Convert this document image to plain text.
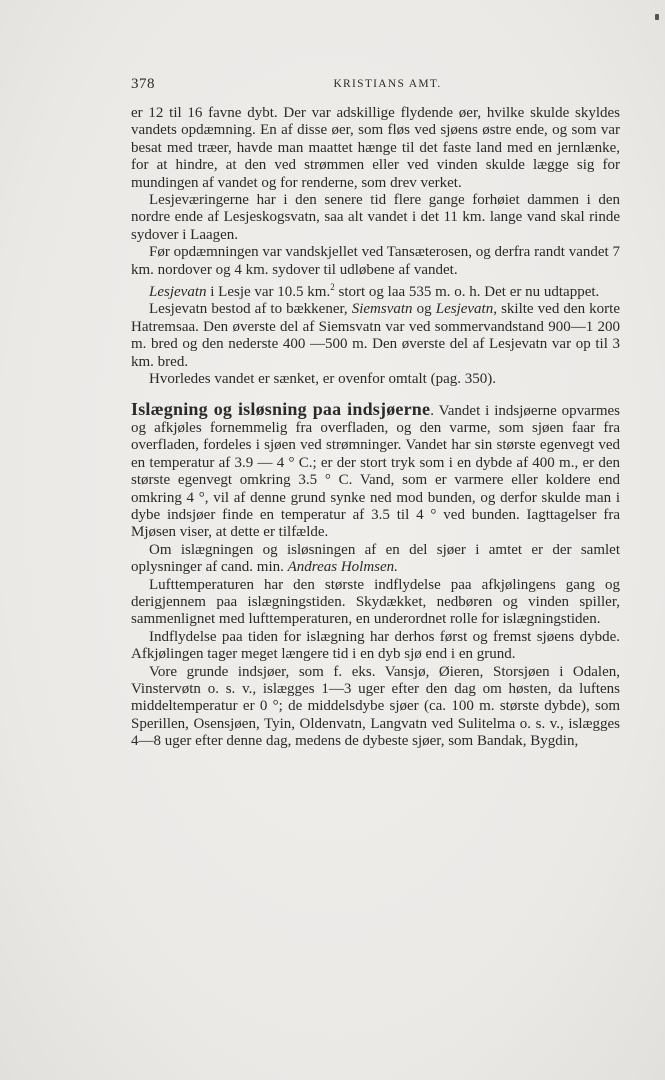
378	KRISTIANS AMT.

er 12 til 16 favne dybt. Der var adskillige flydende øer, hvilke skulde skyldes vandets opdæmning. En af disse øer, som fløs ved sjøens østre ende, og som var besat med træer, havde man maattet hænge til det faste land med en jernlænke, for at hindre, at den ved strømmen eller ved vinden skulde lægge sig for mundingen af vandet og for renderne, som drev verket.

Lesjeværingerne har i den senere tid flere gange forhøiet dammen i den nordre ende af Lesjeskogsvatn, saa alt vandet i det 11 km. lange vand skal rinde sydover i Laagen.

Før opdæmningen var vandskjellet ved Tansæterosen, og derfra randt vandet 7 km. nordover og 4 km. sydover til udløbene af vandet.

Lesjevatn i Lesje var 10.5 km.$^2$ stort og laa 535 m. o. h. Det er nu udtappet.

Lesjevatn bestod af to bækkener, Siemsvatn og Lesjevatn, skilte ved den korte Hatremsaa. Den øverste del af Siemsvatn var ved sommervandstand 900—1 200 m. bred og den nederste 400 —500 m. Den øverste del af Lesjevatn var op til 3 km. bred.

Hvorledes vandet er sænket, er ovenfor omtalt (pag. 350).

Islægning og isløsning paa indsjøerne. Vandet i indsjøerne opvarmes og afkjøles fornemmelig fra overfladen, og den varme, som sjøen faar fra overfladen, fordeles i sjøen ved strømninger. Vandet har sin største egenvegt ved en temperatur af 3.9 — 4 ° C.; er der stort tryk som i en dybde af 400 m., er den største egenvegt omkring 3.5 ° C. Vand, som er varmere eller koldere end omkring 4 °, vil af denne grund synke ned mod bunden, og derfor skulde man i dybe indsjøer finde en temperatur af 3.5 til 4 ° ved bunden. Iagttagelser fra Mjøsen viser, at dette er tilfælde.

Om islægningen og isløsningen af en del sjøer i amtet er der samlet oplysninger af cand. min. Andreas Holmsen.

Lufttemperaturen har den største indflydelse paa afkjølingens gang og derigjennem paa islægningstiden. Skydækket, nedbøren og vinden spiller, sammenlignet med lufttemperaturen, en underordnet rolle for islægningstiden.

Indflydelse paa tiden for islægning har derhos først og fremst sjøens dybde. Afkjølingen tager meget længere tid i en dyb sjø end i en grund.

Vore grunde indsjøer, som f. eks. Vansjø, Øieren, Storsjøen i Odalen, Vinstervøtn o. s. v., islægges 1—3 uger efter den dag om høsten, da luftens middeltemperatur er 0 °; de middelsdybe sjøer (ca. 100 m. største dybde), som Sperillen, Osensjøen, Tyin, Oldenvatn, Langvatn ved Sulitelma o. s. v., islægges 4—8 uger efter denne dag, medens de dybeste sjøer, som Bandak, Bygdin,
